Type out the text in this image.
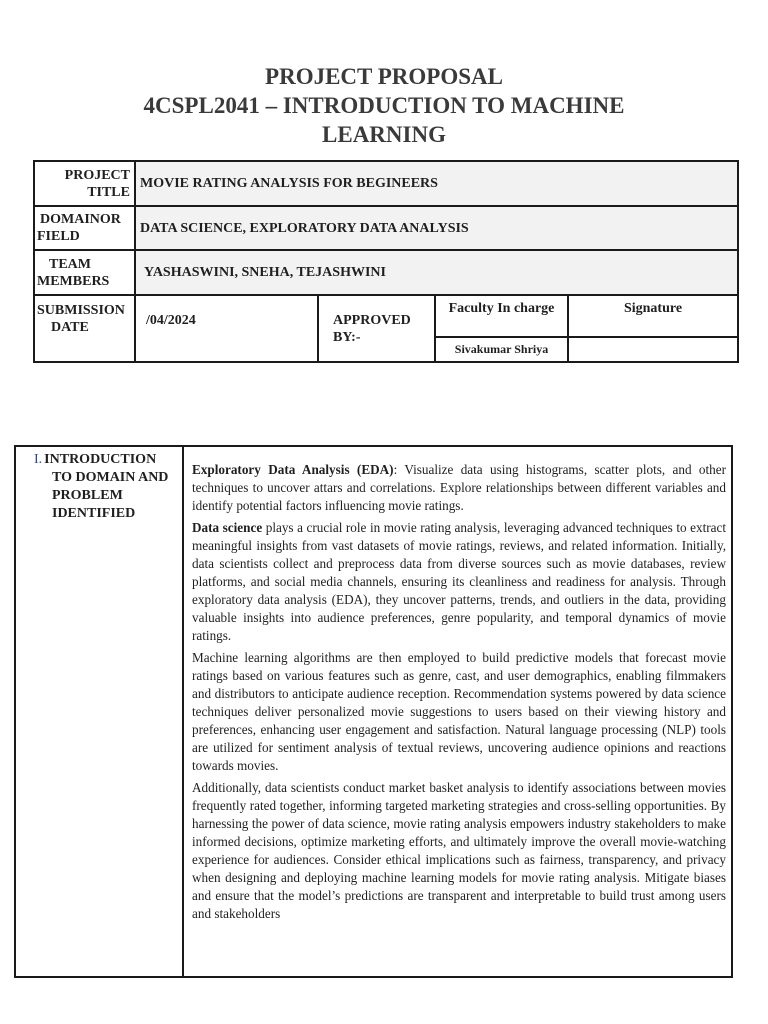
PROJECT PROPOSAL
4CSPL2041 – INTRODUCTION TO MACHINE
LEARNING
PROJECT
TITLE	MOVIE RATING ANALYSIS FOR BEGINEERS			

DOMAINOR
FIELD	DATA SCIENCE, EXPLORATORY DATA ANALYSIS			

TEAM
MEMBERS	YASHASWINI, SNEHA, TEJASHWINI			

SUBMISSION
DATE	/04/2024	APPROVED BY:-	Faculty In charge	Signature
			Sivakumar Shriya	
I. INTRODUCTION
TO DOMAIN AND PROBLEM IDENTIFIED

Exploratory Data Analysis (EDA): Visualize data using histograms, scatter plots, and other techniques to uncover attars and correlations. Explore relationships between different variables and identify potential factors influencing movie ratings.

Data science plays a crucial role in movie rating analysis, leveraging advanced techniques to extract meaningful insights from vast datasets of movie ratings, reviews, and related information. Initially, data scientists collect and preprocess data from diverse sources such as movie databases, review platforms, and social media channels, ensuring its cleanliness and readiness for analysis. Through exploratory data analysis (EDA), they uncover patterns, trends, and outliers in the data, providing valuable insights into audience preferences, genre popularity, and temporal dynamics of movie ratings.

Machine learning algorithms are then employed to build predictive models that forecast movie ratings based on various features such as genre, cast, and user demographics, enabling filmmakers and distributors to anticipate audience reception. Recommendation systems powered by data science techniques deliver personalized movie suggestions to users based on their viewing history and preferences, enhancing user engagement and satisfaction. Natural language processing (NLP) tools are utilized for sentiment analysis of textual reviews, uncovering audience opinions and reactions towards movies.

Additionally, data scientists conduct market basket analysis to identify associations between movies frequently rated together, informing targeted marketing strategies and cross-selling opportunities. By harnessing the power of data science, movie rating analysis empowers industry stakeholders to make informed decisions, optimize marketing efforts, and ultimately improve the overall movie-watching experience for audiences. Consider ethical implications such as fairness, transparency, and privacy when designing and deploying machine learning models for movie rating analysis. Mitigate biases and ensure that the model’s predictions are transparent and interpretable to build trust among users and stakeholders
